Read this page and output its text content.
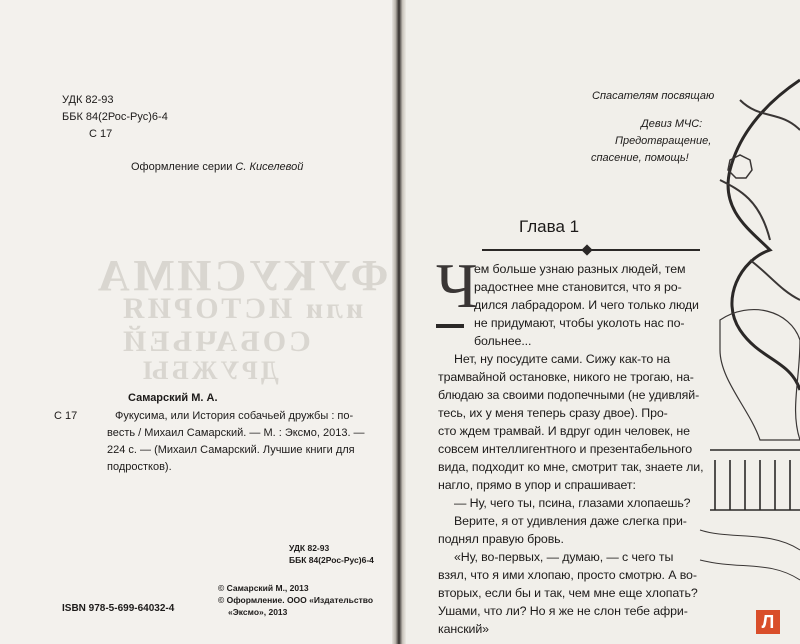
ФУКУСИМА
или ИСТОРИЯ
СОБАЧЬЕЙ
ДРУЖБЫ
УДК 82-93
ББК 84(2Рос-Рус)6-4
С 17
Оформление серии С. Киселевой
Самарский М. А.
С 17	Фукусима, или История собачьей дружбы : по-
весть / Михаил Самарский. — М. : Эксмо, 2013. —
224 с. — (Михаил Самарский. Лучшие книги для
подростков).
УДК 82-93
ББК 84(2Рос-Рус)6-4
© Самарский М., 2013
© Оформление. ООО «Издательство
«Эксмо», 2013
ISBN 978-5-699-64032-4
Спасателям посвящаю
Девиз МЧС:
Предотвращение,
спасение, помощь!
Глава 1
Ч
ем больше узнаю разных людей, тем
радостнее мне становится, что я ро-
дился лабрадором. И чего только люди
не придумают, чтобы уколоть нас по-
больнее...
Нет, ну посудите сами. Сижу как-то на
трамвайной остановке, никого не трогаю, на-
блюдаю за своими подопечными (не удивляй-
тесь, их у меня теперь сразу двое). Про-
сто ждем трамвай. И вдруг один человек, не
совсем интеллигентного и презентабельного
вида, подходит ко мне, смотрит так, знаете ли,
нагло, прямо в упор и спрашивает:
— Ну, чего ты, псина, глазами хлопаешь?
Верите, я от удивления даже слегка при-
поднял правую бровь.
«Ну, во-первых, — думаю, — с чего ты
взял, что я ими хлопаю, просто смотрю. А во-
вторых, если бы и так, чем мне еще хлопать?
Ушами, что ли? Но я же не слон тебе афри-
канский»	Л
